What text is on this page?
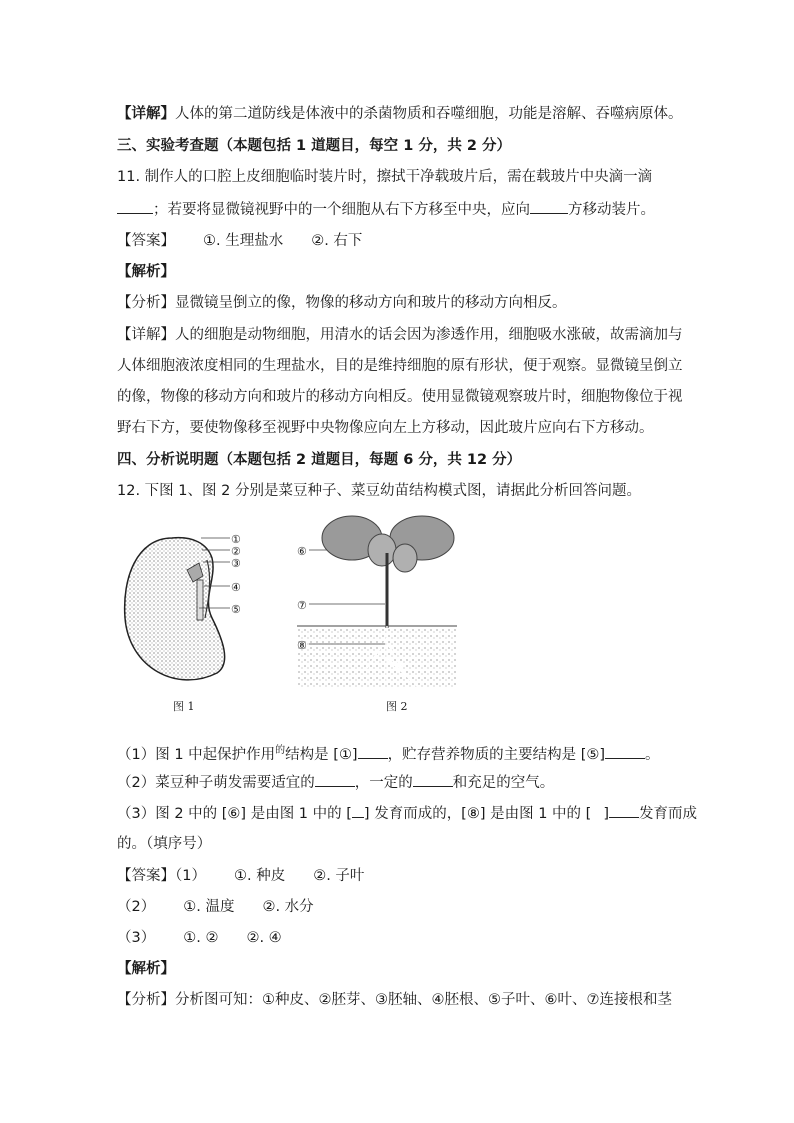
【详解】人体的第二道防线是体液中的杀菌物质和吞噬细胞，功能是溶解、吞噬病原体。
三、实验考查题（本题包括 1 道题目，每空 1 分，共 2 分）
11. 制作人的口腔上皮细胞临时装片时，擦拭干净载玻片后，需在载玻片中央滴一滴
；若要将显微镜视野中的一个细胞从右下方移至中央，应向	方移动装片。
【答案】 ①. 生理盐水 ②. 右下
【解析】
【分析】显微镜呈倒立的像，物像的移动方向和玻片的移动方向相反。
【详解】人的细胞是动物细胞，用清水的话会因为渗透作用，细胞吸水涨破，故需滴加与
人体细胞液浓度相同的生理盐水，目的是维持细胞的原有形状，便于观察。显微镜呈倒立
的像，物像的移动方向和玻片的移动方向相反。使用显微镜观察玻片时，细胞物像位于视
野右下方，要使物像移至视野中央物像应向左上方移动，因此玻片应向右下方移动。
四、分析说明题（本题包括 2 道题目，每题 6 分，共 12 分）
12. 下图 1、图 2 分别是菜豆种子、菜豆幼苗结构模式图，请据此分析回答问题。
①
②
③
④
⑤
⑥
⑦
⑧
图 1	图 2
（1）图 1 中起保护作用$^的$结构是 [①] ，贮存营养物质的主要结构是 [⑤]	。
（2）菜豆种子萌发需要适宜的	，一定的	和充足的空气。
（3）图 2 中的 [⑥] 是由图 1 中的 [ ] 发育而成的，[⑧] 是由图 1 中的 [ ] 发育而成
的。（填序号）
【答案】（1） ①. 种皮 ②. 子叶
（2） ①. 温度 ②. 水分
（3） ①. ② ②. ④
【解析】
【分析】分析图可知：①种皮、②胚芽、③胚轴、④胚根、⑤子叶、⑥叶、⑦连接根和茎
